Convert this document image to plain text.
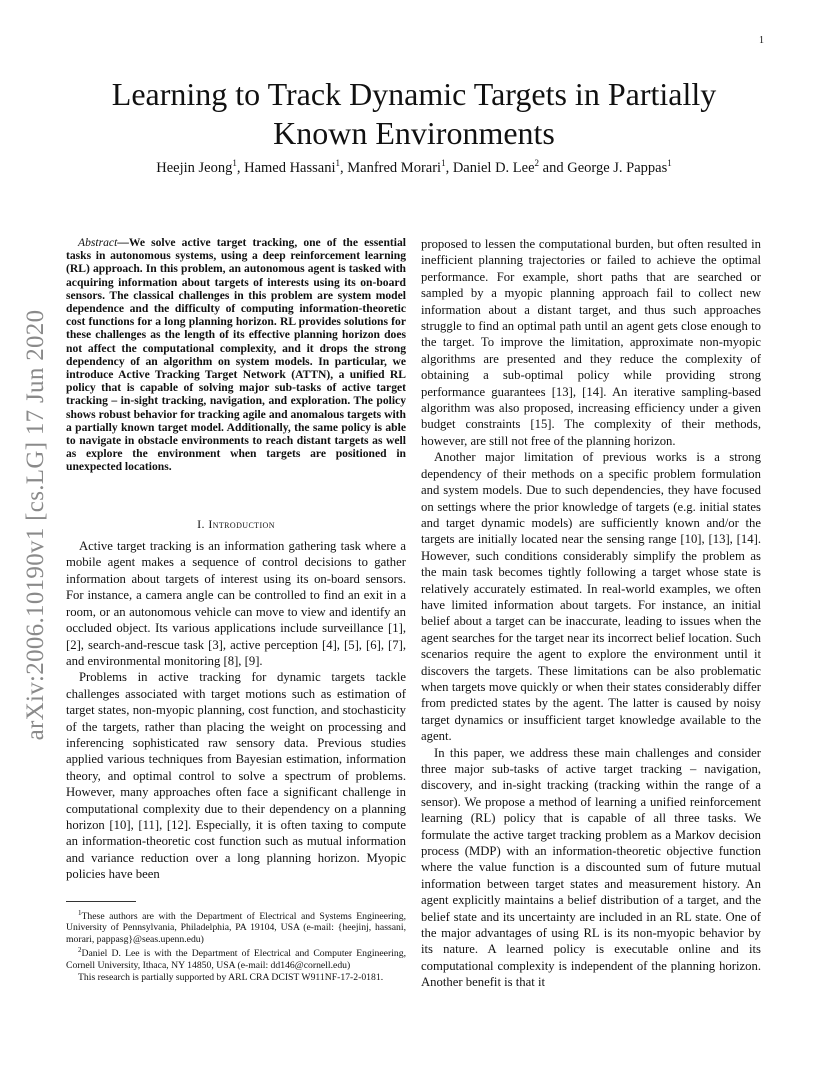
1
arXiv:2006.10190v1 [cs.LG] 17 Jun 2020
Learning to Track Dynamic Targets in Partially Known Environments
Heejin Jeong$^1$, Hamed Hassani$^1$, Manfred Morari$^1$, Daniel D. Lee$^2$ and George J. Pappas$^1$

Abstract—We solve active target tracking, one of the essential tasks in autonomous systems, using a deep reinforcement learning (RL) approach. In this problem, an autonomous agent is tasked with acquiring information about targets of interests using its on-board sensors. The classical challenges in this problem are system model dependence and the difficulty of computing information-theoretic cost functions for a long planning horizon. RL provides solutions for these challenges as the length of its effective planning horizon does not affect the computational complexity, and it drops the strong dependency of an algorithm on system models. In particular, we introduce Active Tracking Target Network (ATTN), a unified RL policy that is capable of solving major sub-tasks of active target tracking – in-sight tracking, navigation, and exploration. The policy shows robust behavior for tracking agile and anomalous targets with a partially known target model. Additionally, the same policy is able to navigate in obstacle environments to reach distant targets as well as explore the environment when targets are positioned in unexpected locations.

I. Introduction

Active target tracking is an information gathering task where a mobile agent makes a sequence of control decisions to gather information about targets of interest using its on-board sensors. For instance, a camera angle can be controlled to find an exit in a room, or an autonomous vehicle can move to view and identify an occluded object. Its various applications include surveillance [1], [2], search-and-rescue task [3], active perception [4], [5], [6], [7], and environmental monitoring [8], [9].

Problems in active tracking for dynamic targets tackle challenges associated with target motions such as estimation of target states, non-myopic planning, cost function, and stochasticity of the targets, rather than placing the weight on processing and inferencing sophisticated raw sensory data. Previous studies applied various techniques from Bayesian estimation, information theory, and optimal control to solve a spectrum of problems. However, many approaches often face a significant challenge in computational complexity due to their dependency on a planning horizon [10], [11], [12]. Especially, it is often taxing to compute an information-theoretic cost function such as mutual information and variance reduction over a long planning horizon. Myopic policies have been

$^1$These authors are with the Department of Electrical and Systems Engineering, University of Pennsylvania, Philadelphia, PA 19104, USA (e-mail: {heejinj, hassani, morari, pappasg}@seas.upenn.edu)

$^2$Daniel D. Lee is with the Department of Electrical and Computer Engineering, Cornell University, Ithaca, NY 14850, USA (e-mail: dd146@cornell.edu)

This research is partially supported by ARL CRA DCIST W911NF-17-2-0181.

proposed to lessen the computational burden, but often resulted in inefficient planning trajectories or failed to achieve the optimal performance. For example, short paths that are searched or sampled by a myopic planning approach fail to collect new information about a distant target, and thus such approaches struggle to find an optimal path until an agent gets close enough to the target. To improve the limitation, approximate non-myopic algorithms are presented and they reduce the complexity of obtaining a sub-optimal policy while providing strong performance guarantees [13], [14]. An iterative sampling-based algorithm was also proposed, increasing efficiency under a given budget constraints [15]. The complexity of their methods, however, are still not free of the planning horizon.

Another major limitation of previous works is a strong dependency of their methods on a specific problem formulation and system models. Due to such dependencies, they have focused on settings where the prior knowledge of targets (e.g. initial states and target dynamic models) are sufficiently known and/or the targets are initially located near the sensing range [10], [13], [14]. However, such conditions considerably simplify the problem as the main task becomes tightly following a target whose state is relatively accurately estimated. In real-world examples, we often have limited information about targets. For instance, an initial belief about a target can be inaccurate, leading to issues when the agent searches for the target near its incorrect belief location. Such scenarios require the agent to explore the environment until it discovers the targets. These limitations can be also problematic when targets move quickly or when their states considerably differ from predicted states by the agent. The latter is caused by noisy target dynamics or insufficient target knowledge available to the agent.

In this paper, we address these main challenges and consider three major sub-tasks of active target tracking – navigation, discovery, and in-sight tracking (tracking within the range of a sensor). We propose a method of learning a unified reinforcement learning (RL) policy that is capable of all three tasks. We formulate the active target tracking problem as a Markov decision process (MDP) with an information-theoretic objective function where the value function is a discounted sum of future mutual information between target states and measurement history. An agent explicitly maintains a belief distribution of a target, and the belief state and its uncertainty are included in an RL state. One of the major advantages of using RL is its non-myopic behavior by its nature. A learned policy is executable online and its computational complexity is independent of the planning horizon. Another benefit is that it
